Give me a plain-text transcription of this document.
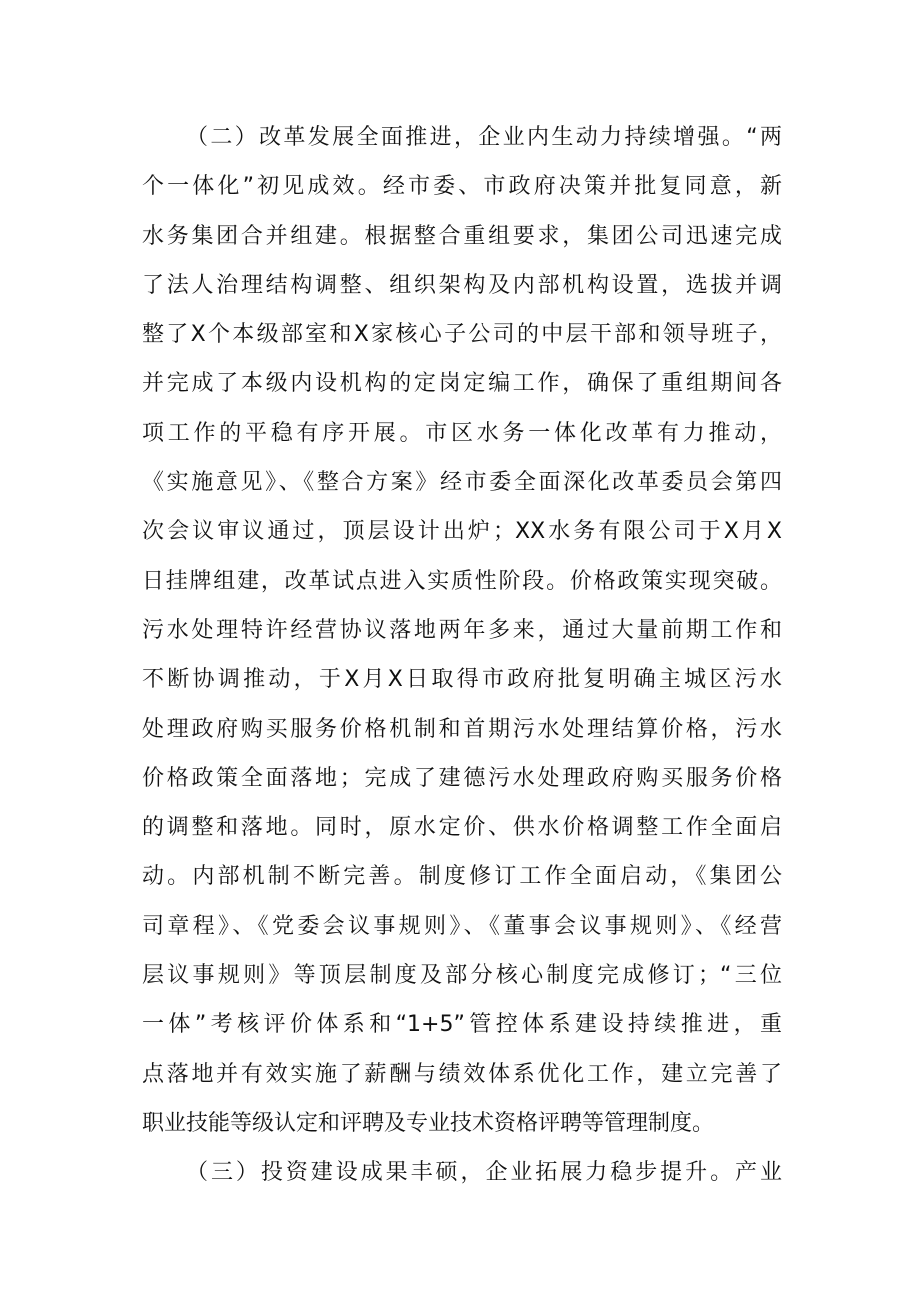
（二）改革发展全面推进，企业内生动力持续增强。“两
个一体化”初见成效。经市委、市政府决策并批复同意，新
水务集团合并组建。根据整合重组要求，集团公司迅速完成
了法人治理结构调整、组织架构及内部机构设置，选拔并调
整了X个本级部室和X家核心子公司的中层干部和领导班子，
并完成了本级内设机构的定岗定编工作，确保了重组期间各
项工作的平稳有序开展。市区水务一体化改革有力推动，
《实施意见》、《整合方案》经市委全面深化改革委员会第四
次会议审议通过，顶层设计出炉；XX水务有限公司于X月X
日挂牌组建，改革试点进入实质性阶段。价格政策实现突破。
污水处理特许经营协议落地两年多来，通过大量前期工作和
不断协调推动，于X月X日取得市政府批复明确主城区污水
处理政府购买服务价格机制和首期污水处理结算价格，污水
价格政策全面落地；完成了建德污水处理政府购买服务价格
的调整和落地。同时，原水定价、供水价格调整工作全面启
动。内部机制不断完善。制度修订工作全面启动，《集团公
司章程》、《党委会议事规则》、《董事会议事规则》、《经营
层议事规则》等顶层制度及部分核心制度完成修订；“三位
一体”考核评价体系和“1+5”管控体系建设持续推进，重
点落地并有效实施了薪酬与绩效体系优化工作，建立完善了
职业技能等级认定和评聘及专业技术资格评聘等管理制度。
（三）投资建设成果丰硕，企业拓展力稳步提升。产业
